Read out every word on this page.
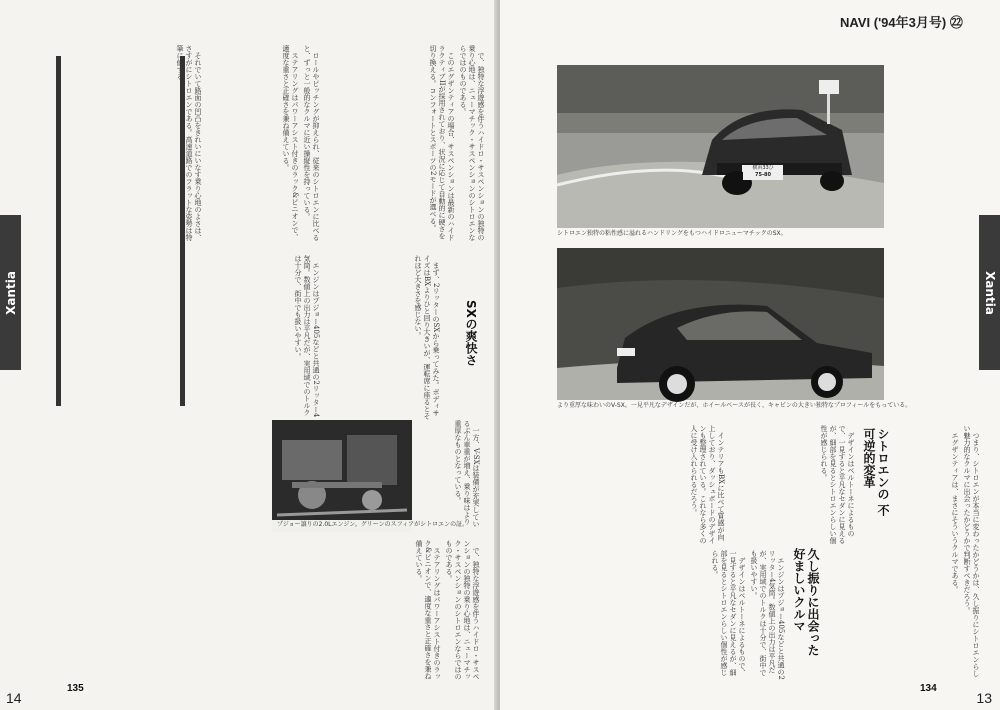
Xantia

で、独特な浮遊感を伴うハイドロ・サスペンションの独特の乗り心地は、ニューマチック・サスペンションのシトロエンならではのものである。

このエグザンティアの場合、サスペンションは最新のハイドラクティブIIが採用されており、状況に応じて自動的に硬さを切り換える。コンフォートとスポーツの2モードが選べる。

ロールやピッチングが抑えられ、従来のシトロエンに比べると、ずっと一般的なクルマに近い操縦性を持っている。

ステアリングはパワーアシスト付きのラック&ピニオンで、適度な重さと正確さを兼ね備えている。

それでいて路面の凹凸をきれいにいなす乗り心地のよさは、さすがにシトロエンである。高速道路でのフラットな姿勢は特筆に値する。

まず、2リッターのSXから乗ってみた。ボディサイズはBXよりひと回り大きいが、運転席に座るとそれほど大きさを感じない。	SXの爽快さ

エンジンはプジョー405などと共通の2リッター4気筒。数値上の出力は平凡だが、実用域でのトルクは十分で、街中でも扱いやすい。

一方、V-SXは装備が充実しているぶん車重が増え、乗り味はより重厚なものとなっている。

プジョー譲りの2.0Lエンジン。グリーンのスフィアがシトロエンの証。

で、独特な浮遊感を伴うハイドロ・サスペンションの独特の乗り心地は、ニューマチック・サスペンションのシトロエンならではのものである。

ステアリングはパワーアシスト付きのラック&ピニオンで、適度な重さと正確さを兼ね備えている。

135
14
Xantia
NAVI ('94年3月号) ㉒
横浜33ひ
75-80
シトロエン独特の粘性感に溢れるハンドリングをもつハイドロニューマチックのSX。
より重厚な味わいのV-SX。一見平凡なデザインだが、ホイールベースが長く、キャビンの大きい独特なプロフィールをもっている。
シトロエンの 不可逆的変革
久し振りに出会った 好ましいクルマ	つまり、シトロエンが本当に変わったかどうかは、久し振りにシトロエンらしい魅力的なクルマに出会ったかどうかで判断すべきだろう。

エグザンティアは、まさにそういうクルマである。

デザインはベルトーネによるもので、一見すると平凡なセダンに見えるが、細部を見るとシトロエンらしい個性が感じられる。

インテリアもBXに比べて質感が向上しており、ダッシュボードのデザインも整理されている。これなら多くの人に受け入れられるだろう。

エンジンはプジョー405などと共通の2リッター4気筒。数値上の出力は平凡だが、実用域でのトルクは十分で、街中でも扱いやすい。

デザインはベルトーネによるもので、一見すると平凡なセダンに見えるが、細部を見るとシトロエンらしい個性が感じられる。

134
13
